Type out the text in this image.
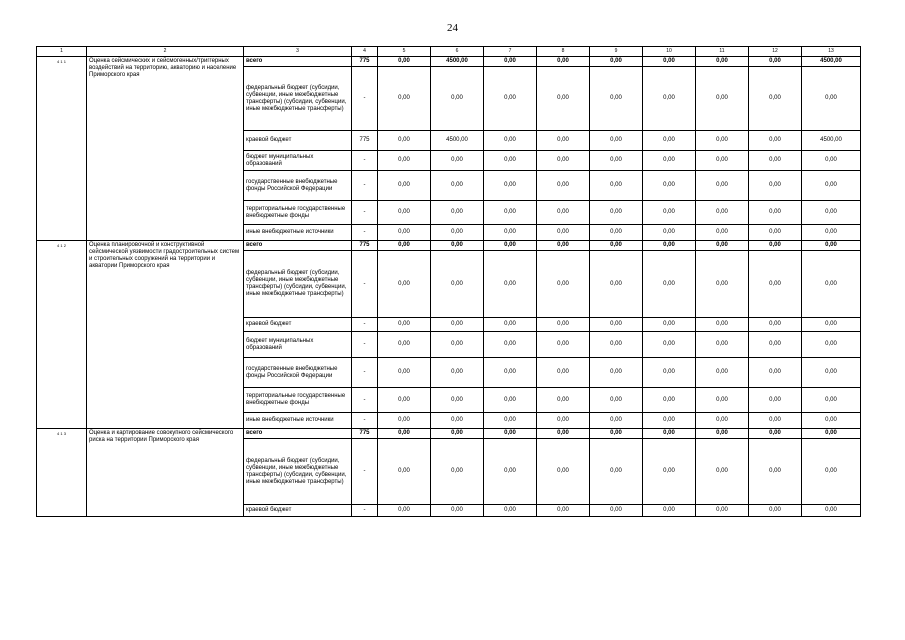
24
1	2	3	4	5	6	7	8	9	10	11	12	13
4 1 1	Оценка сейсмических и сейсмогенных/триггерных воздействий на территорию, акваторию и население Приморского края	всего	775	0,00	4500,00	0,00	0,00	0,00	0,00	0,00	0,00	4500,00
		федеральный бюджет (субсидии, субвенции, иные межбюджетные трансферты) (субсидии, субвенции, иные межбюджетные трансферты)	-	0,00	0,00	0,00	0,00	0,00	0,00	0,00	0,00	0,00
		краевой бюджет	775	0,00	4500,00	0,00	0,00	0,00	0,00	0,00	0,00	4500,00
		бюджет муниципальных образований	-	0,00	0,00	0,00	0,00	0,00	0,00	0,00	0,00	0,00
		государственные внебюджетные фонды Российской Федерации	-	0,00	0,00	0,00	0,00	0,00	0,00	0,00	0,00	0,00
		территориальные государственные внебюджетные фонды	-	0,00	0,00	0,00	0,00	0,00	0,00	0,00	0,00	0,00
		иные внебюджетные источники	-	0,00	0,00	0,00	0,00	0,00	0,00	0,00	0,00	0,00
4 1 2	Оценка планировочной и конструктивной сейсмической уязвимости градостроительных систем и строительных сооружений на территории и акватории Приморского края	всего	775	0,00	0,00	0,00	0,00	0,00	0,00	0,00	0,00	0,00
		федеральный бюджет (субсидии, субвенции, иные межбюджетные трансферты) (субсидии, субвенции, иные межбюджетные трансферты)	-	0,00	0,00	0,00	0,00	0,00	0,00	0,00	0,00	0,00
		краевой бюджет	-	0,00	0,00	0,00	0,00	0,00	0,00	0,00	0,00	0,00
		бюджет муниципальных образований	-	0,00	0,00	0,00	0,00	0,00	0,00	0,00	0,00	0,00
		государственные внебюджетные фонды Российской Федерации	-	0,00	0,00	0,00	0,00	0,00	0,00	0,00	0,00	0,00
		территориальные государственные внебюджетные фонды	-	0,00	0,00	0,00	0,00	0,00	0,00	0,00	0,00	0,00
		иные внебюджетные источники	-	0,00	0,00	0,00	0,00	0,00	0,00	0,00	0,00	0,00
4 1 3	Оценка и картирование совокупного сейсмического риска на территории Приморского края	всего	775	0,00	0,00	0,00	0,00	0,00	0,00	0,00	0,00	0,00
		федеральный бюджет (субсидии, субвенции, иные межбюджетные трансферты) (субсидии, субвенции, иные межбюджетные трансферты)	-	0,00	0,00	0,00	0,00	0,00	0,00	0,00	0,00	0,00
		краевой бюджет	-	0,00	0,00	0,00	0,00	0,00	0,00	0,00	0,00	0,00
